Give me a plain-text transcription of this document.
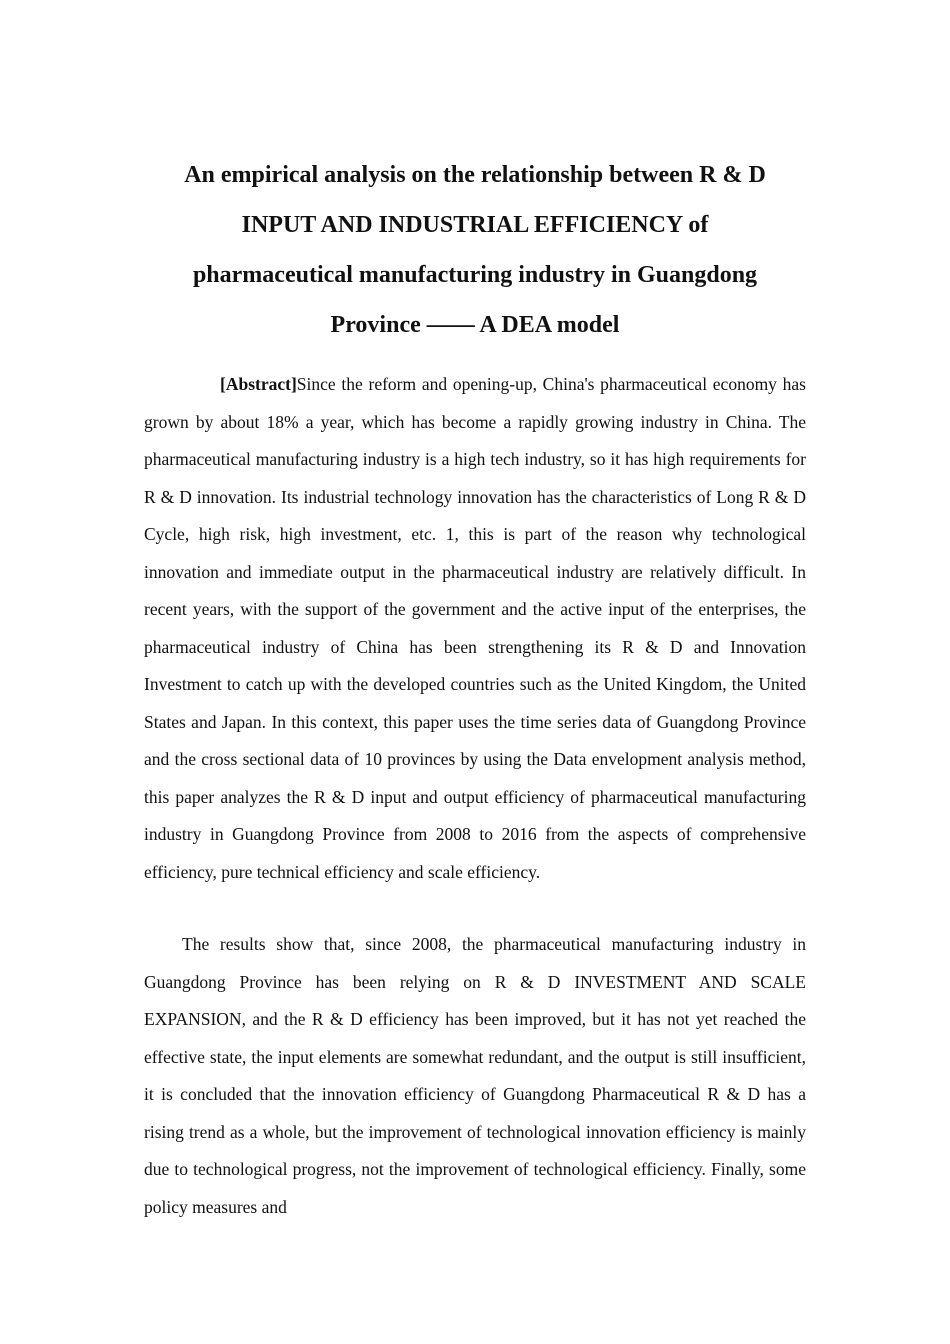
An empirical analysis on the relationship between R & D
INPUT AND INDUSTRIAL EFFICIENCY of
pharmaceutical manufacturing industry in Guangdong
Province —— A DEA model

[Abstract]Since the reform and opening-up, China's pharmaceutical economy has grown by about 18% a year, which has become a rapidly growing industry in China. The pharmaceutical manufacturing industry is a high tech industry, so it has high requirements for R & D innovation. Its industrial technology innovation has the characteristics of Long R & D Cycle, high risk, high investment, etc. 1, this is part of the reason why technological innovation and immediate output in the pharmaceutical industry are relatively difficult. In recent years, with the support of the government and the active input of the enterprises, the pharmaceutical industry of China has been strengthening its R & D and Innovation Investment to catch up with the developed countries such as the United Kingdom, the United States and Japan. In this context, this paper uses the time series data of Guangdong Province and the cross sectional data of 10 provinces by using the Data envelopment analysis method, this paper analyzes the R & D input and output efficiency of pharmaceutical manufacturing industry in Guangdong Province from 2008 to 2016 from the aspects of comprehensive efficiency, pure technical efficiency and scale efficiency.

The results show that, since 2008, the pharmaceutical manufacturing industry in Guangdong Province has been relying on R & D INVESTMENT AND SCALE EXPANSION, and the R & D efficiency has been improved, but it has not yet reached the effective state, the input elements are somewhat redundant, and the output is still insufficient, it is concluded that the innovation efficiency of Guangdong Pharmaceutical R & D has a rising trend as a whole, but the improvement of technological innovation efficiency is mainly due to technological progress, not the improvement of technological efficiency. Finally, some policy measures and
